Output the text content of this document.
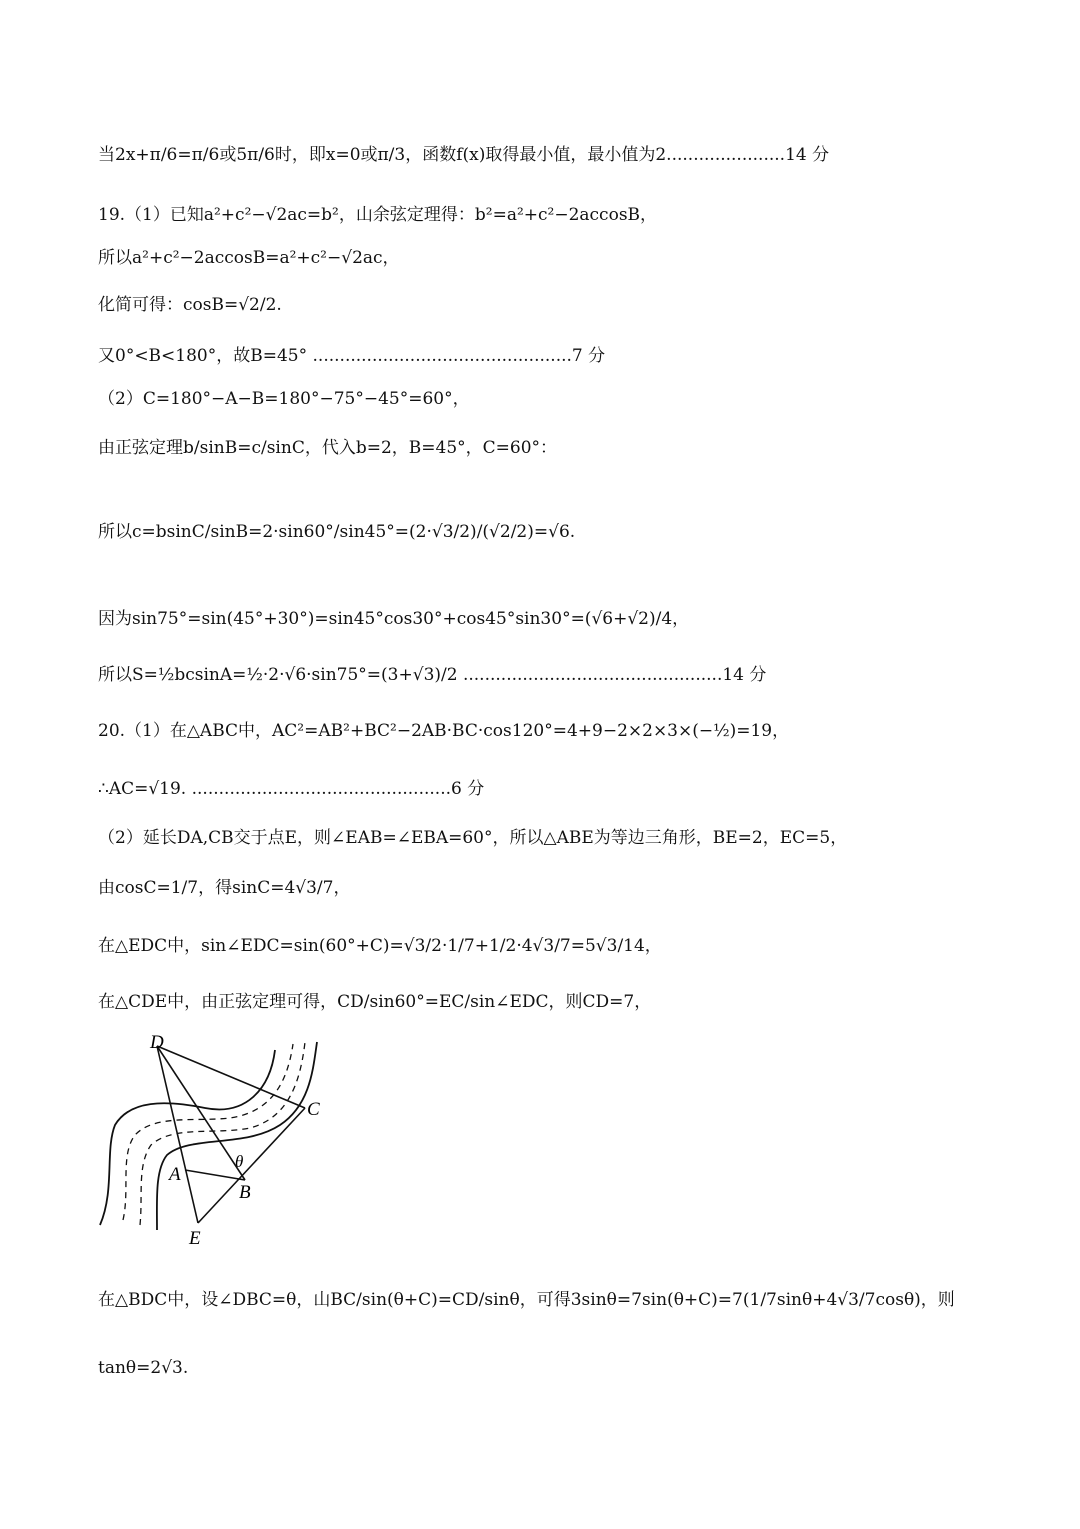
当2x+π/6=π/6或5π/6时，即x=0或π/3，函数f(x)取得最小值，最小值为2......................14 分
19.（1）已知a²+c²−√2ac=b²，山余弦定理得：b²=a²+c²−2accosB，
所以a²+c²−2accosB=a²+c²−√2ac，
化简可得：cosB=√2/2.
又0°<B<180°，故B=45° ................................................7 分
（2）C=180°−A−B=180°−75°−45°=60°，
由正弦定理b/sinB=c/sinC，代入b=2，B=45°，C=60°：
所以c=bsinC/sinB=2·sin60°/sin45°=(2·√3/2)/(√2/2)=√6.
因为sin75°=sin(45°+30°)=sin45°cos30°+cos45°sin30°=(√6+√2)/4，
所以S=½bcsinA=½·2·√6·sin75°=(3+√3)/2 ................................................14 分
20.（1）在△ABC中，AC²=AB²+BC²−2AB·BC·cos120°=4+9−2×2×3×(−½)=19，
∴AC=√19. ................................................6 分
（2）延长DA,CB交于点E，则∠EAB=∠EBA=60°，所以△ABE为等边三角形，BE=2，EC=5，
由cosC=1/7，得sinC=4√3/7，
在△EDC中，sin∠EDC=sin(60°+C)=√3/2·1/7+1/2·4√3/7=5√3/14，
在△CDE中，由正弦定理可得，CD/sin60°=EC/sin∠EDC，则CD=7，
D
C
A
B
E
θ
在△BDC中，设∠DBC=θ，山BC/sin(θ+C)=CD/sinθ，可得3sinθ=7sin(θ+C)=7(1/7sinθ+4√3/7cosθ)，则
tanθ=2√3.
